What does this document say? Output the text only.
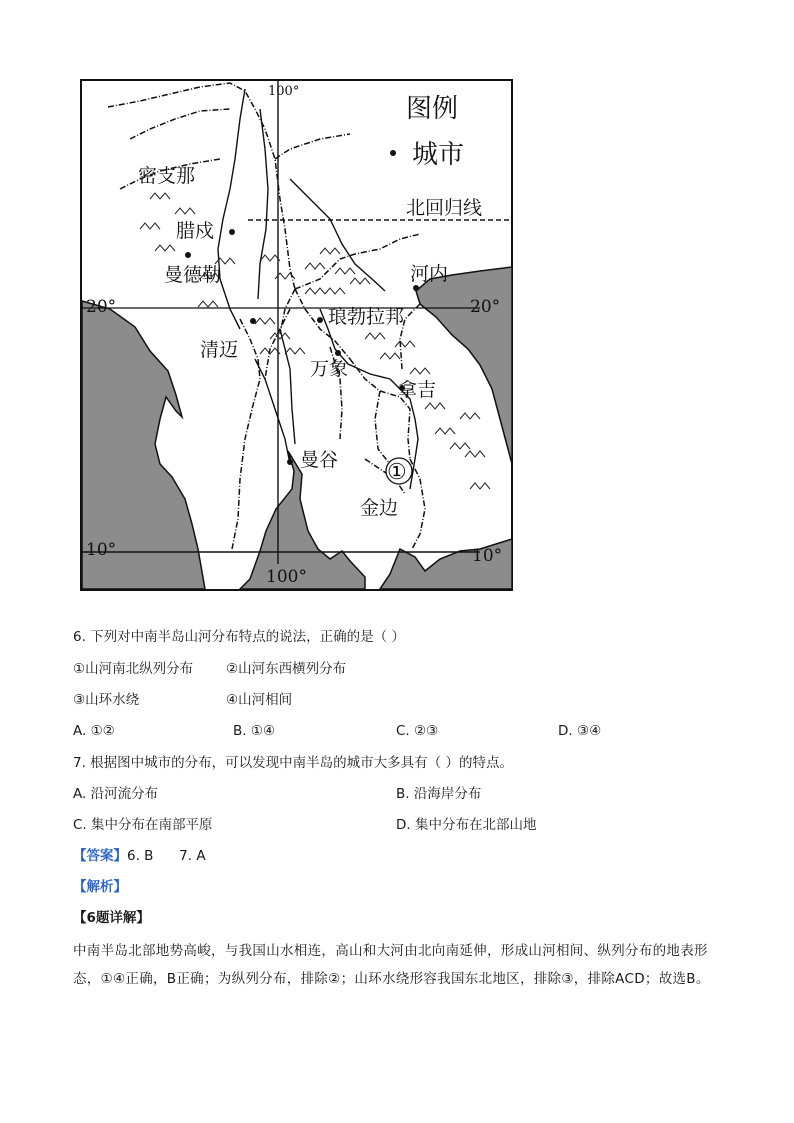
100°
图例
城市
北回归线
密支那
腊戍
曼德勒
20°
清迈
河内
琅勃拉邦	20°
万象
拿吉
曼谷 ①
金边
10°	10°
100°
6. 下列对中南半岛山河分布特点的说法，正确的是（ ）
①山河南北纵列分布 ②山河东西横列分布
③山环水绕	④山河相间
A. ①②	B. ①④	C. ②③	D. ③④
7. 根据图中城市的分布，可以发现中南半岛的城市大多具有（ ）的特点。
A. 沿河流分布	B. 沿海岸分布
C. 集中分布在南部平原	D. 集中分布在北部山地
【答案】6. B      7. A
【解析】
【6题详解】
中南半岛北部地势高峻，与我国山水相连，高山和大河由北向南延伸，形成山河相间、纵列分布的地表形态，①④正确，B正确；为纵列分布，排除②；山环水绕形容我国东北地区，排除③，排除ACD；故选B。
